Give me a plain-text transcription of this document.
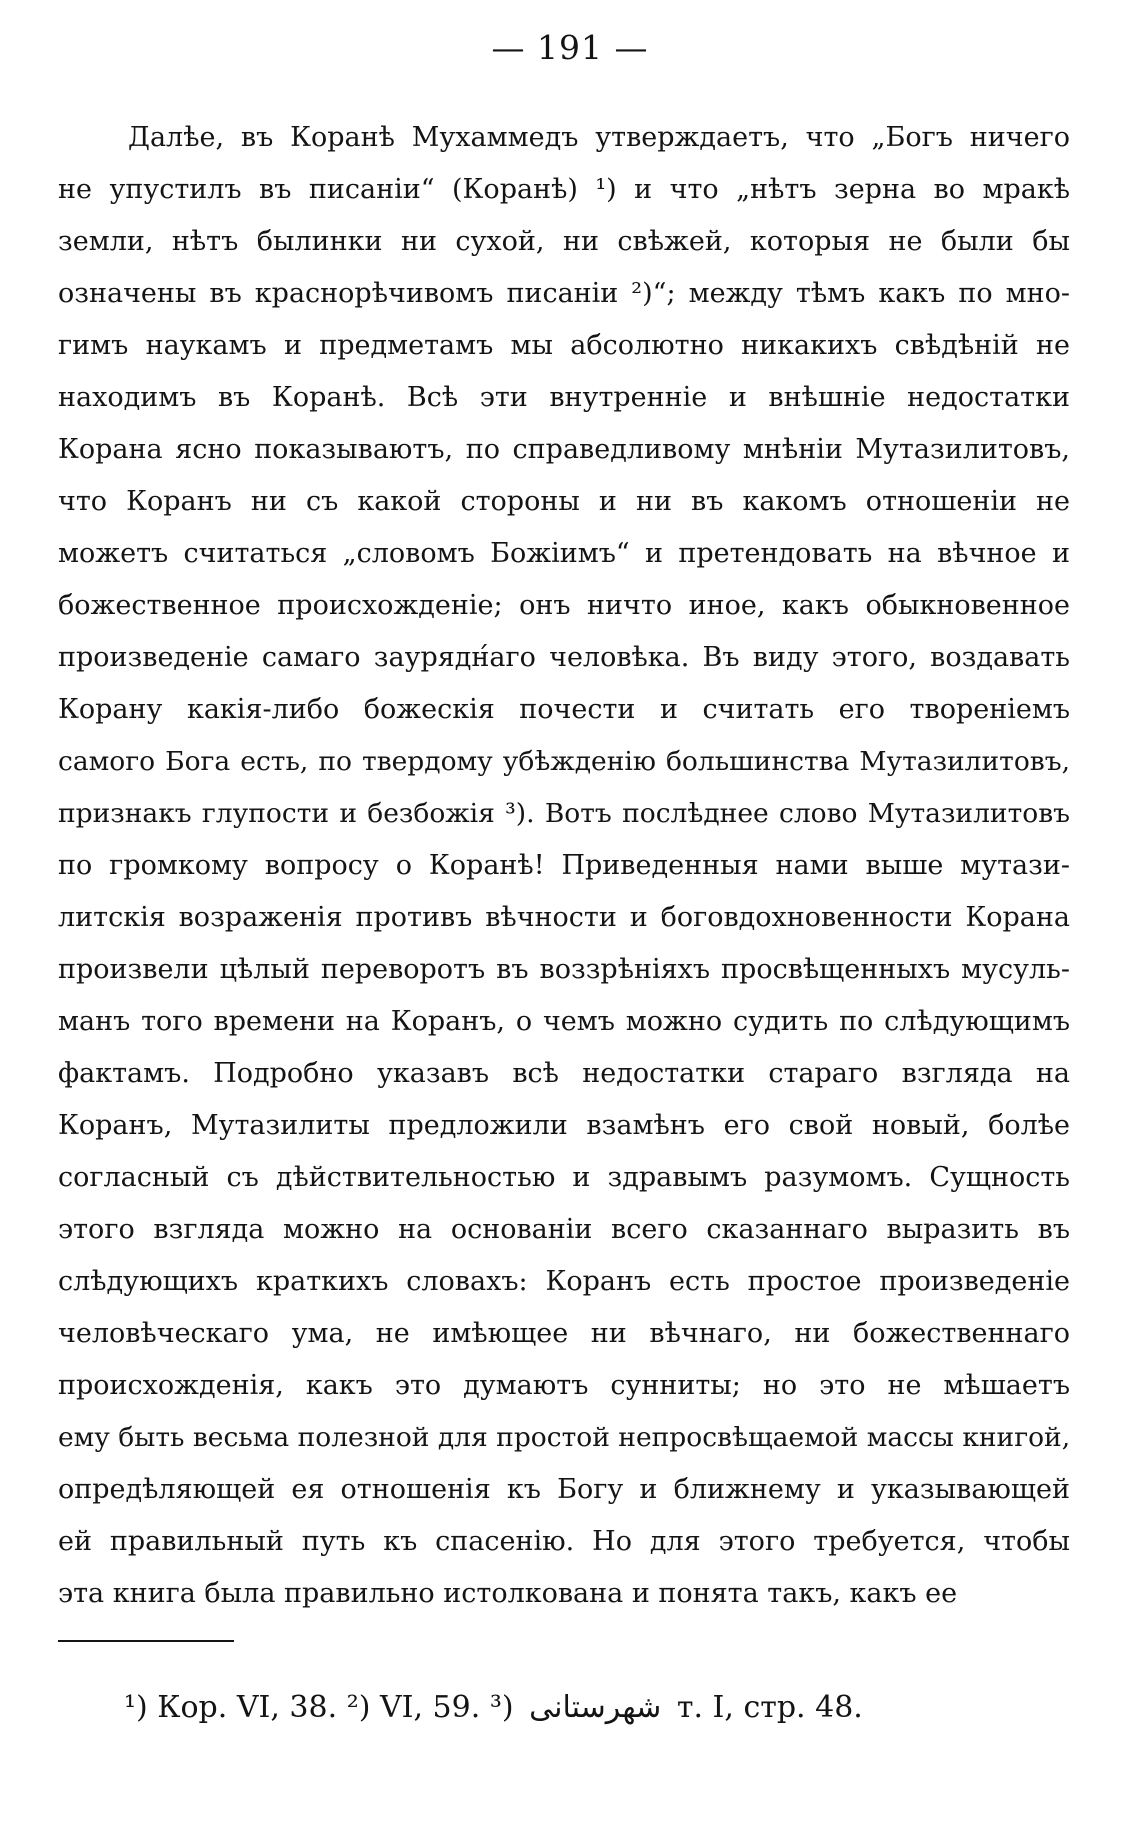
— 191 —
Далѣе, въ Коранѣ Мухаммедъ утверждаетъ, что „Богъ ничего
не упустилъ въ писанiи“ (Коранѣ) ¹) и что „нѣтъ зерна во мракѣ
земли, нѣтъ былинки ни сухой, ни свѣжей, которыя не были бы
означены въ краснорѣчивомъ писанiи ²)“; между тѣмъ какъ по мно-
гимъ наукамъ и предметамъ мы абсолютно никакихъ свѣдѣнiй не
находимъ въ Коранѣ. Всѣ эти внутреннiе и внѣшнiе недостатки
Корана ясно показываютъ, по справедливому мнѣнiи Мутазилитовъ,
что Коранъ ни съ какой стороны и ни въ какомъ отношенiи не
можетъ считаться „словомъ Божiимъ“ и претендовать на вѣчное и
божественное происхожденiе; онъ ничто иное, какъ обыкновенное
произведенiе самаго заурядн́аго человѣка. Въ виду этого, воздавать
Корану какiя-либо божескiя почести и считать его творенiемъ
самого Бога есть, по твердому убѣжденiю большинства Мутазилитовъ,
признакъ глупости и безбожiя ³). Вотъ послѣднее слово Мутазилитовъ
по громкому вопросу о Коранѣ! Приведенныя нами выше мутази-
литскiя возраженiя противъ вѣчности и боговдохновенности Корана
произвели цѣлый переворотъ въ воззрѣнiяхъ просвѣщенныхъ мусуль-
манъ того времени на Коранъ, о чемъ можно судить по слѣдующимъ
фактамъ. Подробно указавъ всѣ недостатки стараго взгляда на
Коранъ, Мутазилиты предложили взамѣнъ его свой новый, болѣе
согласный съ дѣйствительностью и здравымъ разумомъ. Сущность
этого взгляда можно на основанiи всего сказаннаго выразить въ
слѣдующихъ краткихъ словахъ: Коранъ есть простое произведенiе
человѣческаго ума, не имѣющее ни вѣчнаго, ни божественнаго
происхожденiя, какъ это думаютъ сунниты; но это не мѣшаетъ
ему быть весьма полезной для простой непросвѣщаемой массы книгой,
опредѣляющей ея отношенiя къ Богу и ближнему и указывающей
ей правильный путь къ спасенiю. Но для этого требуется, чтобы
эта книга была правильно истолкована и понята такъ, какъ ее
¹) Кор. VI, 38. ²) VI, 59. ³) شهرستانى т. I, стр. 48.
